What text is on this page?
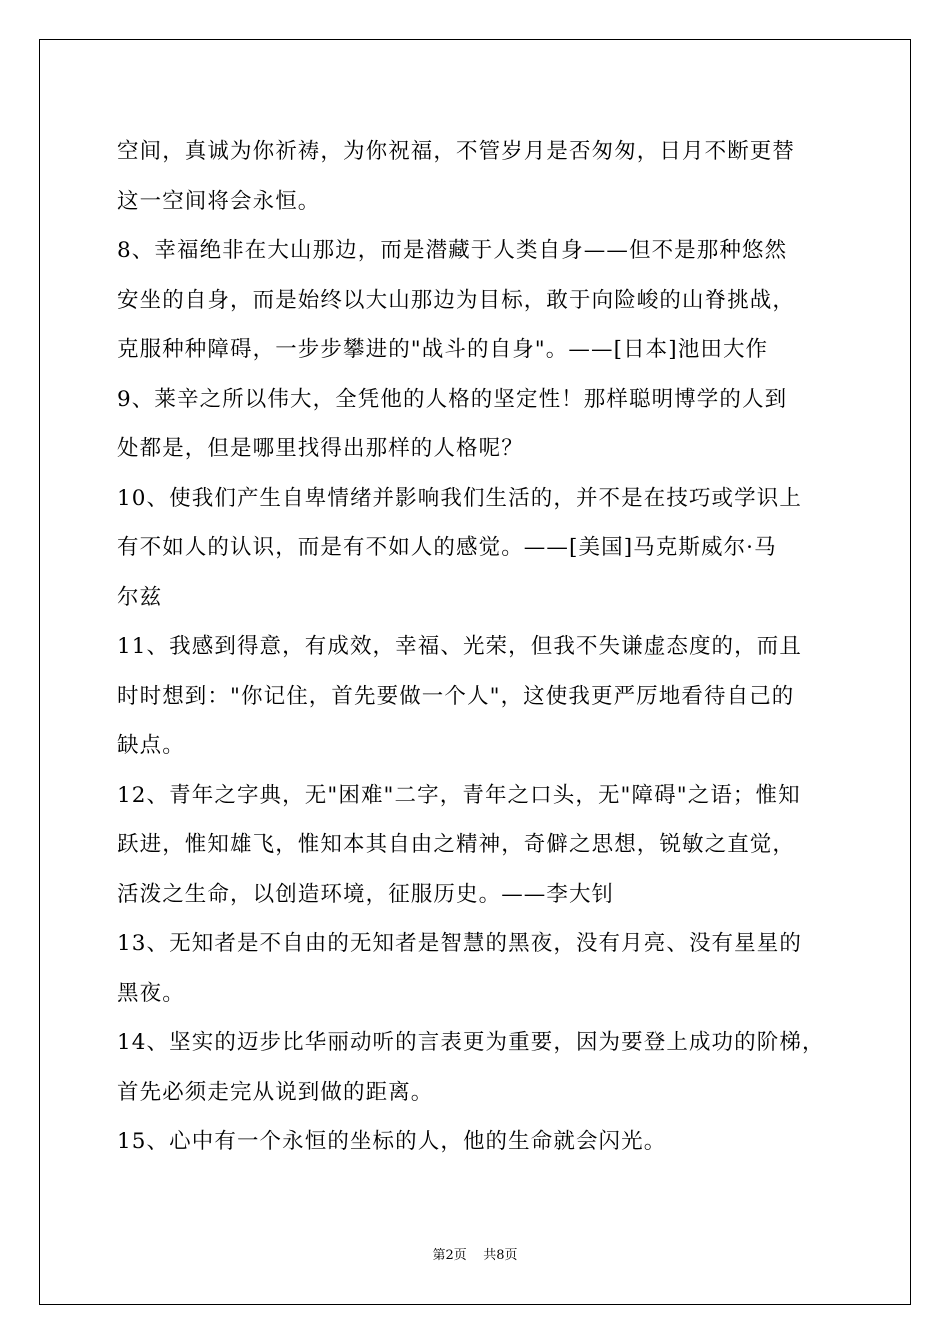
空间，真诚为你祈祷，为你祝福，不管岁月是否匆匆，日月不断更替
这一空间将会永恒。
8、幸福绝非在大山那边，而是潜藏于人类自身——但不是那种悠然
安坐的自身，而是始终以大山那边为目标，敢于向险峻的山脊挑战，
克服种种障碍，一步步攀进的"战斗的自身"。——[日本]池田大作
9、莱辛之所以伟大，全凭他的人格的坚定性！那样聪明博学的人到
处都是，但是哪里找得出那样的人格呢？
10、使我们产生自卑情绪并影响我们生活的，并不是在技巧或学识上
有不如人的认识，而是有不如人的感觉。——[美国]马克斯威尔·马
尔兹
11、我感到得意，有成效，幸福、光荣，但我不失谦虚态度的，而且
时时想到："你记住，首先要做一个人"，这使我更严厉地看待自己的
缺点。
12、青年之字典，无"困难"二字，青年之口头，无"障碍"之语；惟知
跃进，惟知雄飞，惟知本其自由之精神，奇僻之思想，锐敏之直觉，
活泼之生命，以创造环境，征服历史。——李大钊
13、无知者是不自由的无知者是智慧的黑夜，没有月亮、没有星星的
黑夜。
14、坚实的迈步比华丽动听的言表更为重要，因为要登上成功的阶梯，
首先必须走完从说到做的距离。
15、心中有一个永恒的坐标的人，他的生命就会闪光。
第2页    共8页
